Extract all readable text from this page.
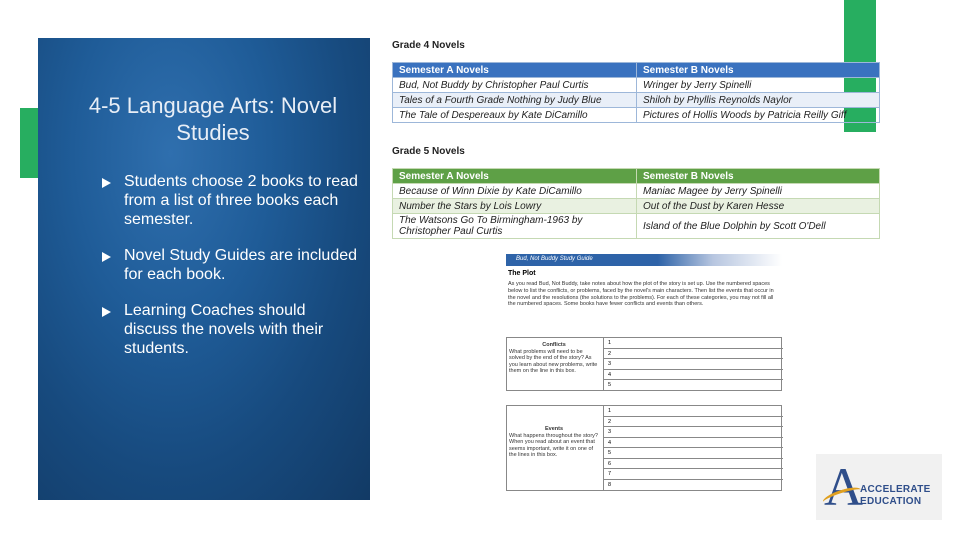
4-5 Language Arts: Novel Studies
Students choose 2 books to read from a list of three books each semester.
Novel Study Guides are included for each book.
Learning Coaches should discuss the novels with their students.
Grade 4 Novels
Semester A Novels	Semester B Novels
Bud, Not Buddy by Christopher Paul Curtis	Wringer by Jerry Spinelli
Tales of a Fourth Grade Nothing by Judy Blue	Shiloh by Phyllis Reynolds Naylor
The Tale of Despereaux by Kate DiCamillo	Pictures of Hollis Woods by Patricia Reilly Giff
Grade 5 Novels
Semester A Novels	Semester B Novels
Because of Winn Dixie by Kate DiCamillo	Maniac Magee by Jerry Spinelli
Number the Stars by Lois Lowry	Out of the Dust by Karen Hesse
The Watsons Go To Birmingham-1963 by Christopher Paul Curtis	Island of the Blue Dolphin by Scott O'Dell
Bud, Not Buddy Study Guide
The Plot
As you read Bud, Not Buddy, take notes about how the plot of the story is set up. Use the numbered spaces below to list the conflicts, or problems, faced by the novel's main characters. Then list the events that occur in the novel and the resolutions (the solutions to the problems). For each of these categories, you may not fill all the numbered spaces. Some books have fewer conflicts and events than others.
Conflicts
What problems will need to be solved by the end of the story? As you learn about new problems, write them on the line in this box.
1
2
3
4
5
Events
What happens throughout the story? When you read about an event that seems important, write it on one of the lines in this box.
1
2
3
4
5
6
7
8	A
ACCELERATE
EDUCATION
